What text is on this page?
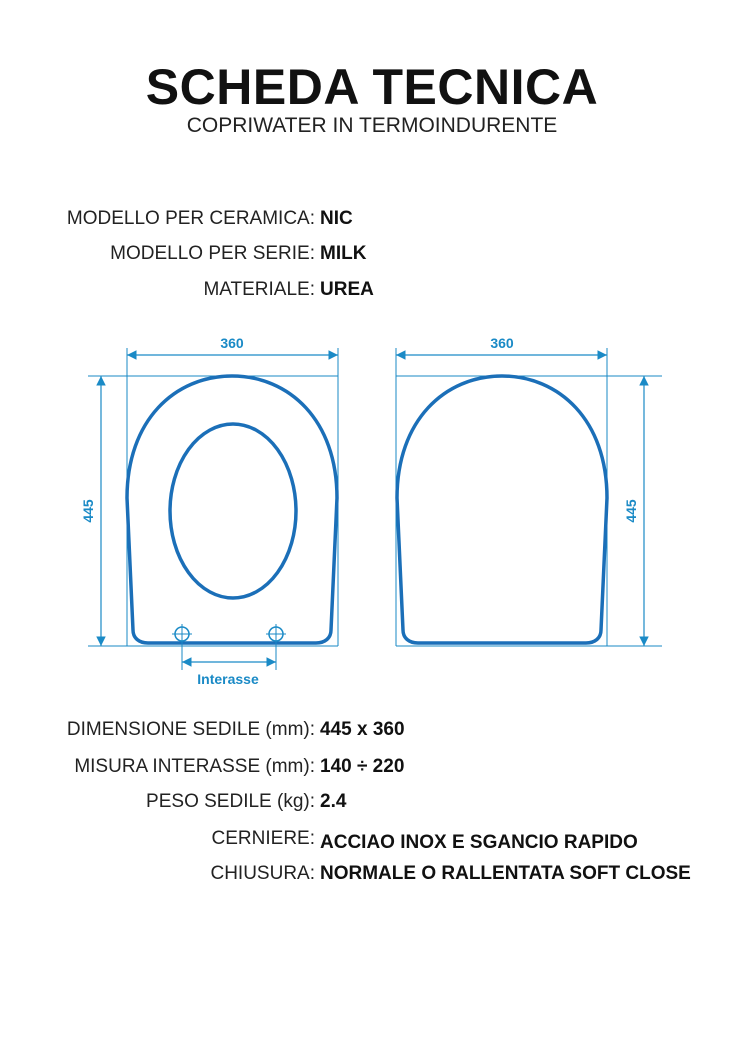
SCHEDA TECNICA
COPRIWATER IN TERMOINDURENTE
MODELLO PER CERAMICA: NIC
MODELLO PER SERIE: MILK
MATERIALE: UREA
360
445
Interasse
360
445
DIMENSIONE SEDILE (mm): 445 x 360
MISURA INTERASSE (mm): 140 ÷ 220
PESO SEDILE (kg): 2.4
CERNIERE: ACCIAO INOX E SGANCIO RAPIDO
CHIUSURA: NORMALE O RALLENTATA SOFT CLOSE
